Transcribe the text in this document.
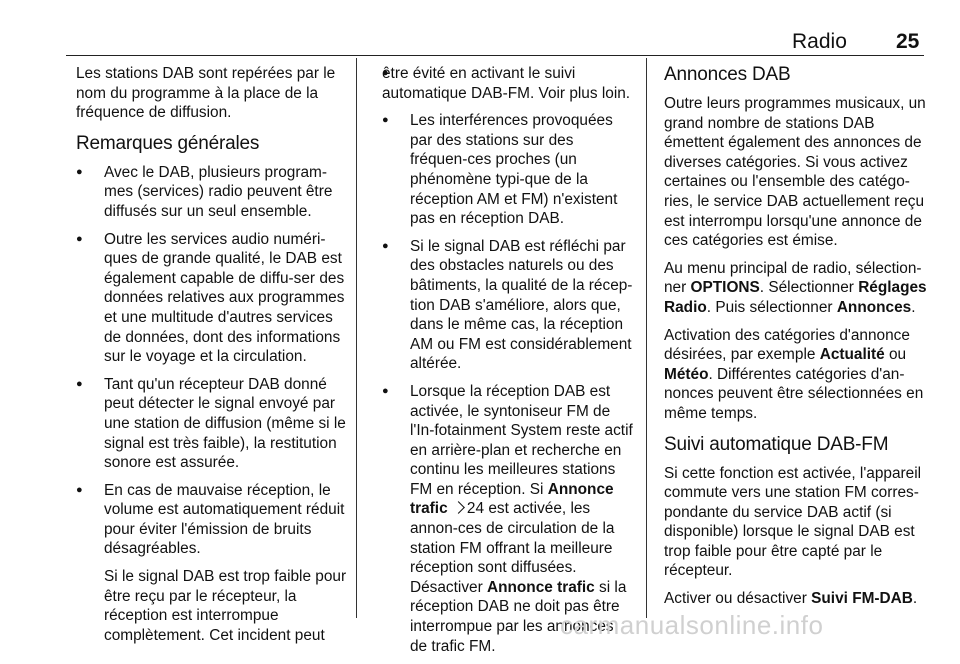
Radio 25

Les stations DAB sont repérées par le nom du programme à la place de la fréquence de diffusion.

Remarques générales
● Avec le DAB, plusieurs program-mes (services) radio peuvent être diffusés sur un seul ensemble.
● Outre les services audio numéri-ques de grande qualité, le DAB est également capable de diffu-ser des données relatives aux programmes et une multitude d'autres services de données, dont des informations sur le voyage et la circulation.
● Tant qu'un récepteur DAB donné peut détecter le signal envoyé par une station de diffusion (même si le signal est très faible), la restitution sonore est assurée.

● En cas de mauvaise réception, le volume est automatiquement réduit pour éviter l'émission de bruits désagréables.

Si le signal DAB est trop faible pour être reçu par le récepteur, la réception est interrompue complètement. Cet incident peut

● être évité en activant le suivi automatique DAB-FM. Voir plus loin.
● Les interférences provoquées par des stations sur des fréquen-ces proches (un phénomène typi-que de la réception AM et FM) n'existent pas en réception DAB.
● Si le signal DAB est réfléchi par des obstacles naturels ou des bâtiments, la qualité de la récep-tion DAB s'améliore, alors que, dans le même cas, la réception AM ou FM est considérablement altérée.
● Lorsque la réception DAB est activée, le syntoniseur FM de l'In-fotainment System reste actif en arrière-plan et recherche en continu les meilleures stations FM en réception. Si Annonce trafic 24 est activée, les annon-ces de circulation de la station FM offrant la meilleure réception sont diffusées. Désactiver Annonce trafic si la réception DAB ne doit pas être interrompue par les annonces de trafic FM.
Annonces DAB

Outre leurs programmes musicaux, un grand nombre de stations DAB émettent également des annonces de diverses catégories. Si vous activez certaines ou l'ensemble des catégo-ries, le service DAB actuellement reçu est interrompu lorsqu'une annonce de ces catégories est émise.

Au menu principal de radio, sélection-ner OPTIONS. Sélectionner Réglages Radio. Puis sélectionner Annonces.

Activation des catégories d'annonce désirées, par exemple Actualité ou Météo. Différentes catégories d'an-nonces peuvent être sélectionnées en même temps.

Suivi automatique DAB-FM

Si cette fonction est activée, l'appareil commute vers une station FM corres-pondante du service DAB actif (si disponible) lorsque le signal DAB est trop faible pour être capté par le récepteur.

Activer ou désactiver Suivi FM-DAB.

carmanualsonline.info
